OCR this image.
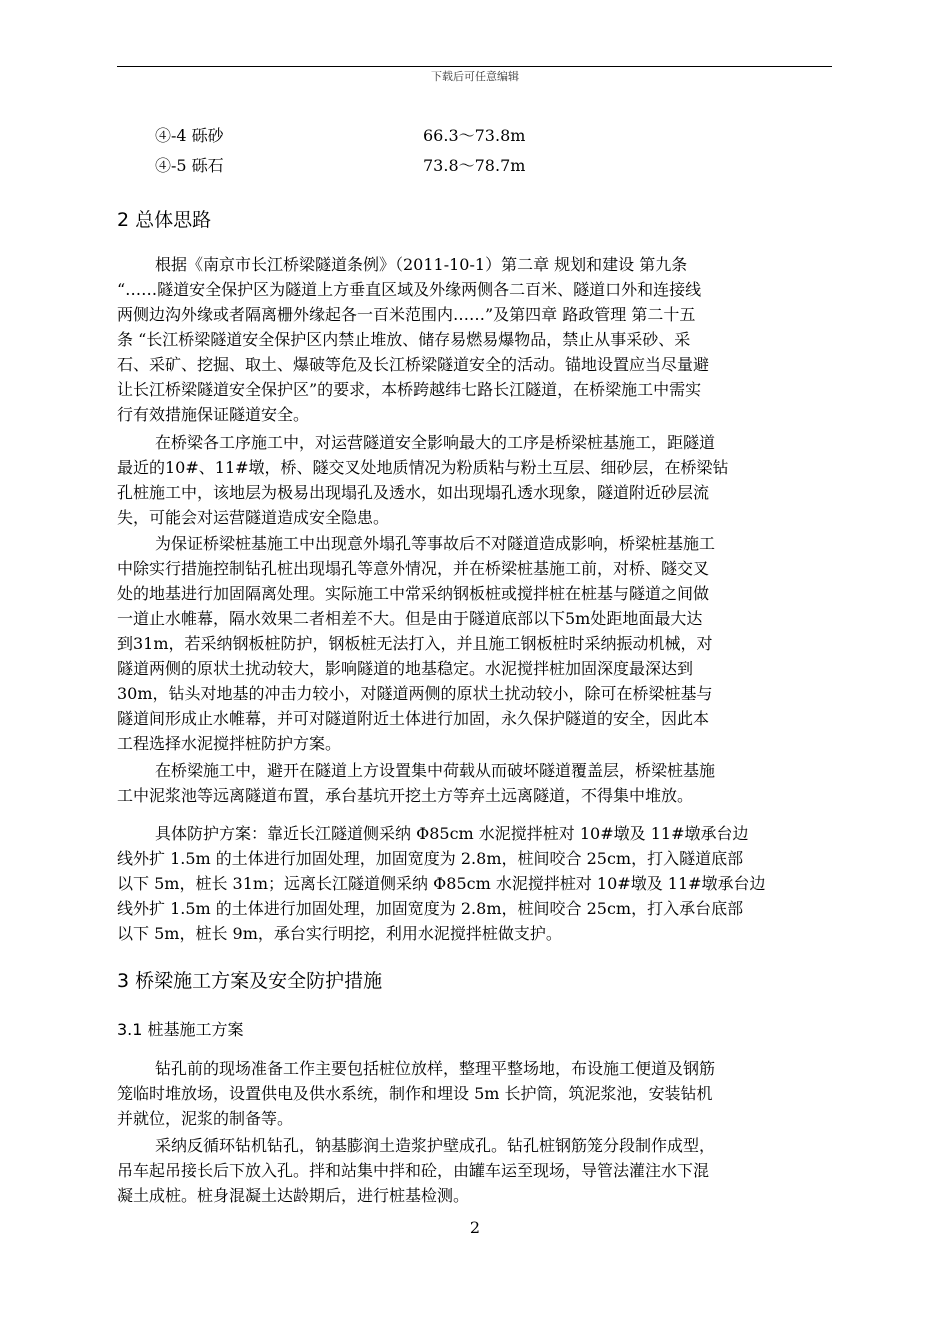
下载后可任意编辑
④-4 砾砂	66.3～73.8m
④-5 砾石	73.8～78.7m
2 总体思路
根据《南京市长江桥梁隧道条例》（2011-10-1）第二章 规划和建设 第九条
“……隧道安全保护区为隧道上方垂直区域及外缘两侧各二百米、隧道口外和连接线
两侧边沟外缘或者隔离栅外缘起各一百米范围内……”及第四章 路政管理 第二十五
条 “长江桥梁隧道安全保护区内禁止堆放、储存易燃易爆物品，禁止从事采砂、采
石、采矿、挖掘、取土、爆破等危及长江桥梁隧道安全的活动。锚地设置应当尽量避
让长江桥梁隧道安全保护区”的要求，本桥跨越纬七路长江隧道，在桥梁施工中需实
行有效措施保证隧道安全。
在桥梁各工序施工中，对运营隧道安全影响最大的工序是桥梁桩基施工，距隧道
最近的10#、11#墩，桥、隧交叉处地质情况为粉质粘与粉土互层、细砂层，在桥梁钻
孔桩施工中，该地层为极易出现塌孔及透水，如出现塌孔透水现象，隧道附近砂层流
失，可能会对运营隧道造成安全隐患。
为保证桥梁桩基施工中出现意外塌孔等事故后不对隧道造成影响，桥梁桩基施工
中除实行措施控制钻孔桩出现塌孔等意外情况，并在桥梁桩基施工前，对桥、隧交叉
处的地基进行加固隔离处理。实际施工中常采纳钢板桩或搅拌桩在桩基与隧道之间做
一道止水帷幕，隔水效果二者相差不大。但是由于隧道底部以下5m处距地面最大达
到31m，若采纳钢板桩防护，钢板桩无法打入，并且施工钢板桩时采纳振动机械，对
隧道两侧的原状土扰动较大，影响隧道的地基稳定。水泥搅拌桩加固深度最深达到
30m，钻头对地基的冲击力较小，对隧道两侧的原状土扰动较小，除可在桥梁桩基与
隧道间形成止水帷幕，并可对隧道附近土体进行加固，永久保护隧道的安全，因此本
工程选择水泥搅拌桩防护方案。
在桥梁施工中，避开在隧道上方设置集中荷载从而破坏隧道覆盖层，桥梁桩基施
工中泥浆池等远离隧道布置，承台基坑开挖土方等弃土远离隧道，不得集中堆放。
具体防护方案：靠近长江隧道侧采纳 Φ85cm 水泥搅拌桩对 10#墩及 11#墩承台边
线外扩 1.5m 的土体进行加固处理，加固宽度为 2.8m，桩间咬合 25cm，打入隧道底部
以下 5m，桩长 31m；远离长江隧道侧采纳 Φ85cm 水泥搅拌桩对 10#墩及 11#墩承台边
线外扩 1.5m 的土体进行加固处理，加固宽度为 2.8m，桩间咬合 25cm，打入承台底部
以下 5m，桩长 9m，承台实行明挖，利用水泥搅拌桩做支护。
3 桥梁施工方案及安全防护措施
3.1 桩基施工方案
钻孔前的现场准备工作主要包括桩位放样，整理平整场地，布设施工便道及钢筋
笼临时堆放场，设置供电及供水系统，制作和埋设 5m 长护筒，筑泥浆池，安装钻机
并就位，泥浆的制备等。
采纳反循环钻机钻孔，钠基膨润土造浆护壁成孔。钻孔桩钢筋笼分段制作成型，
吊车起吊接长后下放入孔。拌和站集中拌和砼，由罐车运至现场，导管法灌注水下混
凝土成桩。桩身混凝土达龄期后，进行桩基检测。
2
